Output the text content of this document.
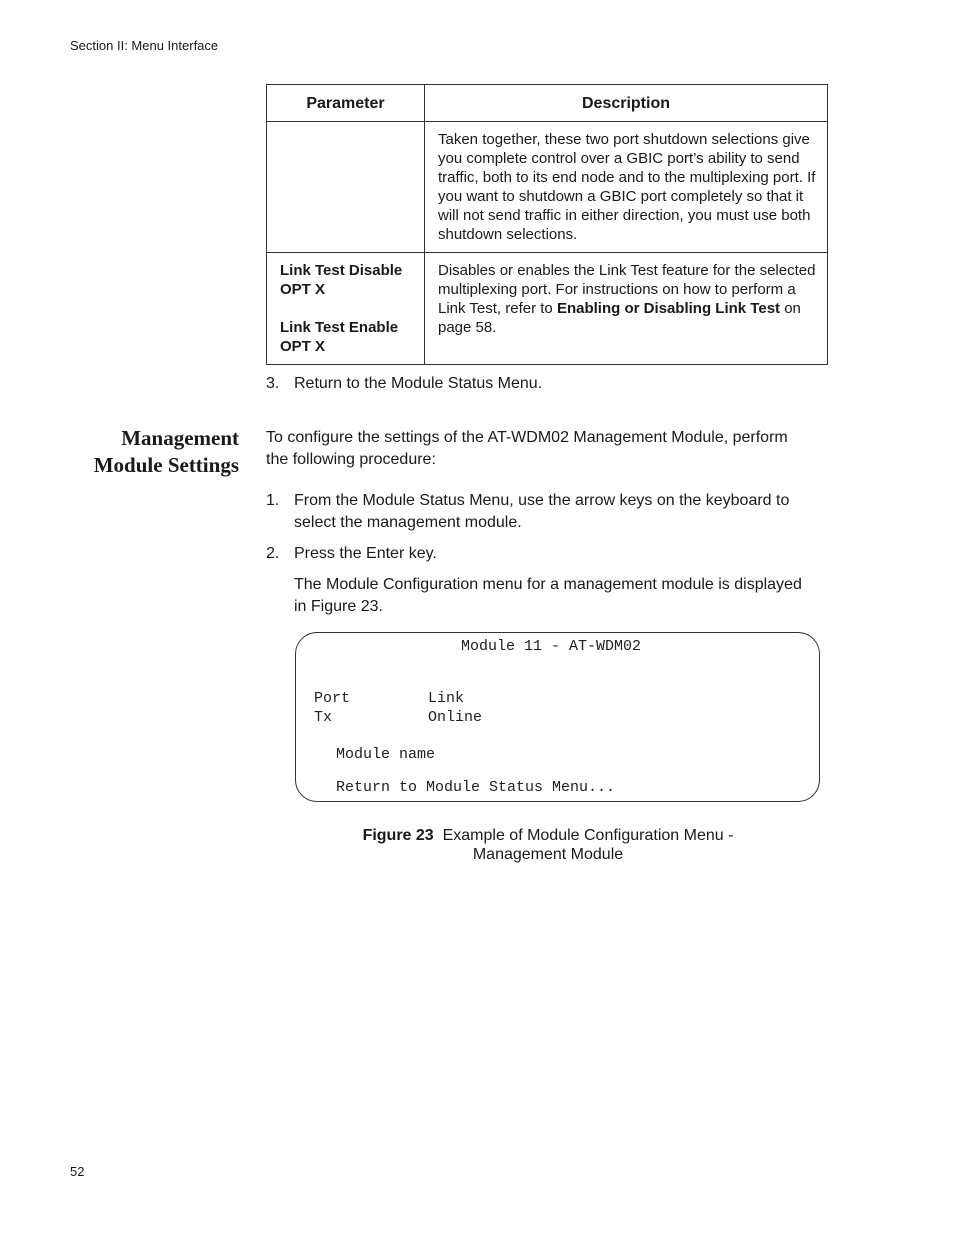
Section II: Menu Interface
Parameter	Description
	Taken together, these two port shutdown selections give you complete control over a GBIC port’s ability to send traffic, both to its end node and to the multiplexing port. If you want to shutdown a GBIC port completely so that it will not send traffic in either direction, you must use both shutdown selections.

Link Test Disable OPT X
Link Test Enable OPT X	Disables or enables the Link Test feature for the selected multiplexing port. For instructions on how to perform a Link Test, refer to Enabling or Disabling Link Test on page 58.
3. Return to the Module Status Menu.
Management
Module Settings
To configure the settings of the AT-WDM02 Management Module, perform the following procedure:
1. From the Module Status Menu, use the arrow keys on the keyboard to select the management module.
2. Press the Enter key.
The Module Configuration menu for a management module is displayed in Figure 23.
Module 11 - AT-WDM02
Port	Link
Tx	Online
Module name
Return to Module Status Menu...
Figure 23 Example of Module Configuration Menu -
Management Module
52
